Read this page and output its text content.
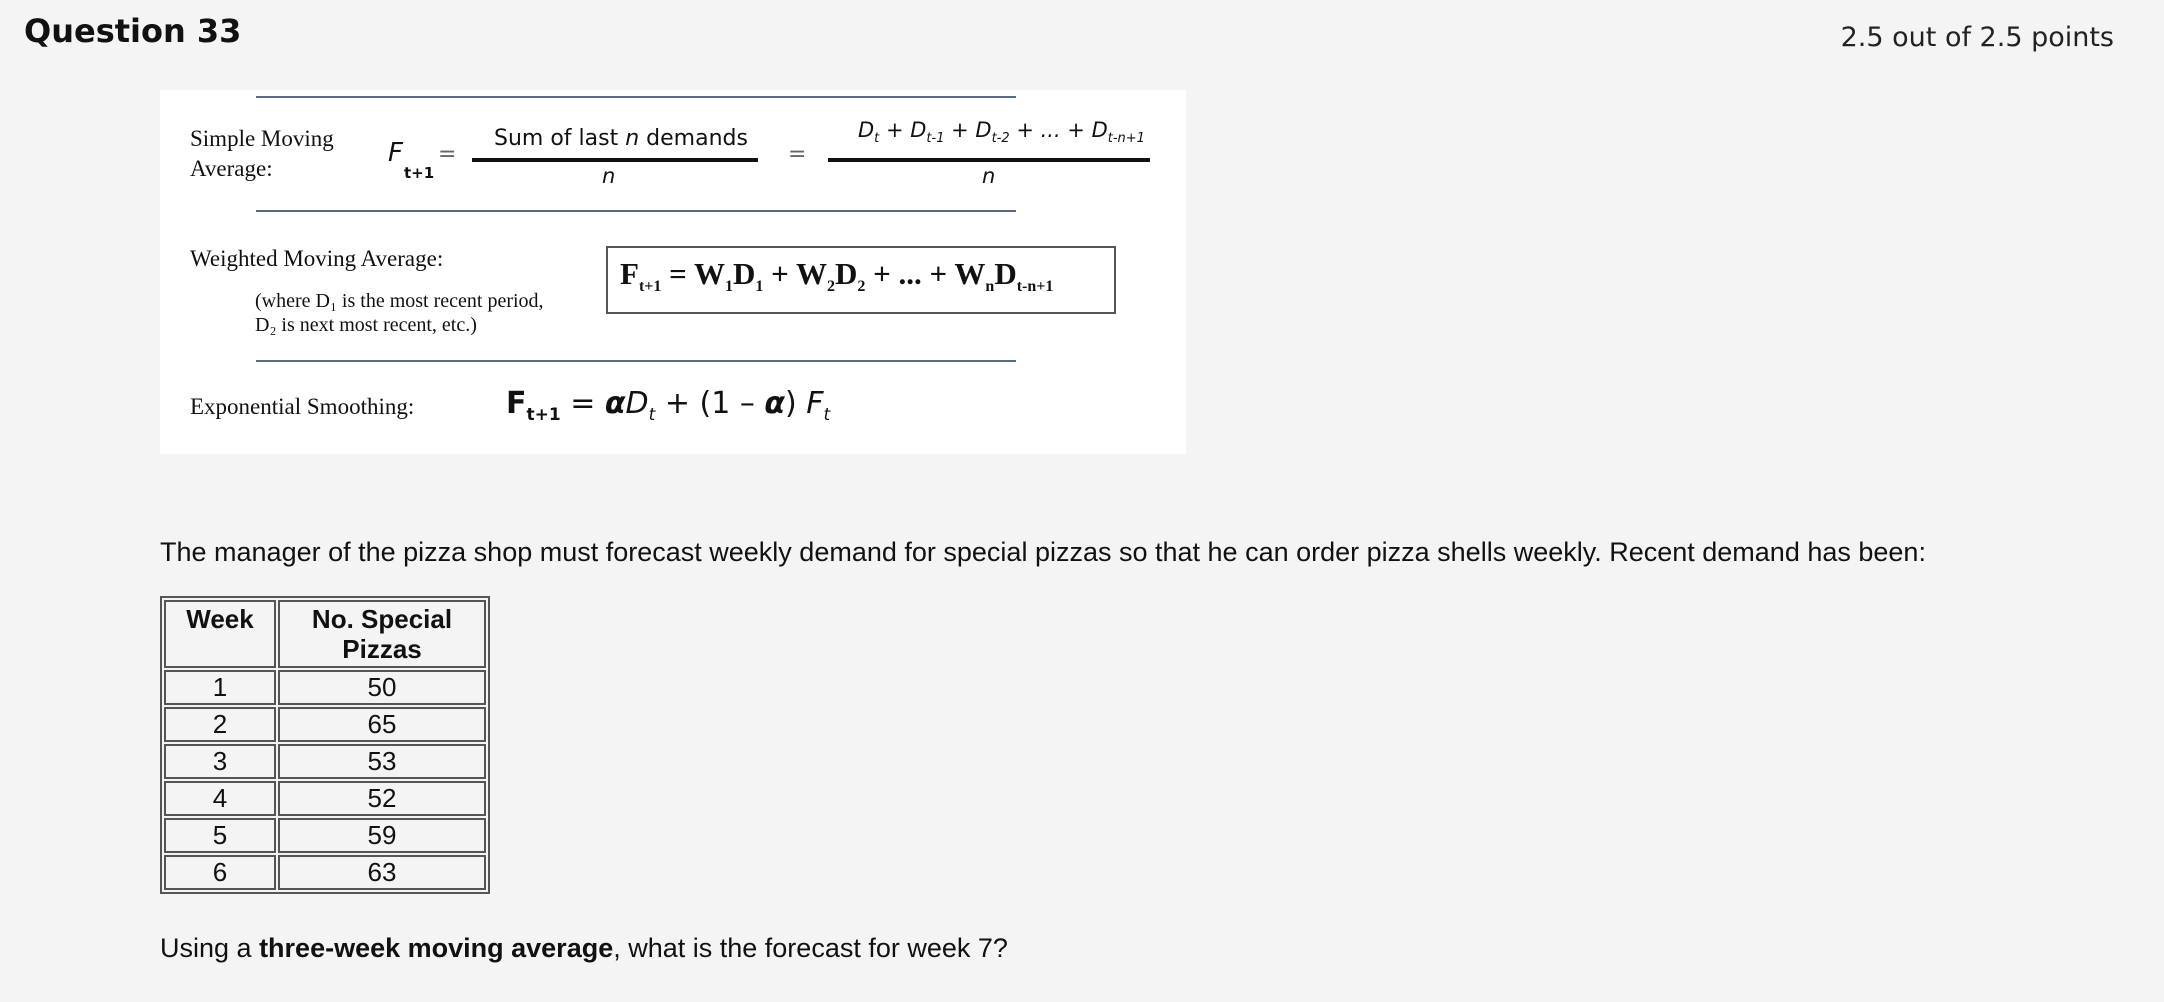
Question 33	2.5 out of 2.5 points
Simple Moving
Average:
F
t+1
=
Sum of last n demands
n
=
$D_t + D_{t-1} + D_{t-2}$ + ... + $D_{t-n+1}$
n
Weighted Moving Average:
(where D₁ is the most recent period,
D₂ is next most recent, etc.)
$F_{t+1} = W_1D_1 + W_2D_2$ + ... + $W_nD_{t-n+1}$
Exponential Smoothing:	$F_{t+1} = \alpha D_t + (1 - \alpha)$ $F_t$
The manager of the pizza shop must forecast weekly demand for special pizzas so that he can order pizza shells weekly. Recent demand has been:
Week	No. Special Pizzas
1	50
2	65
3	53
4	52
5	59
6	63
Using a three-week moving average, what is the forecast for week 7?
